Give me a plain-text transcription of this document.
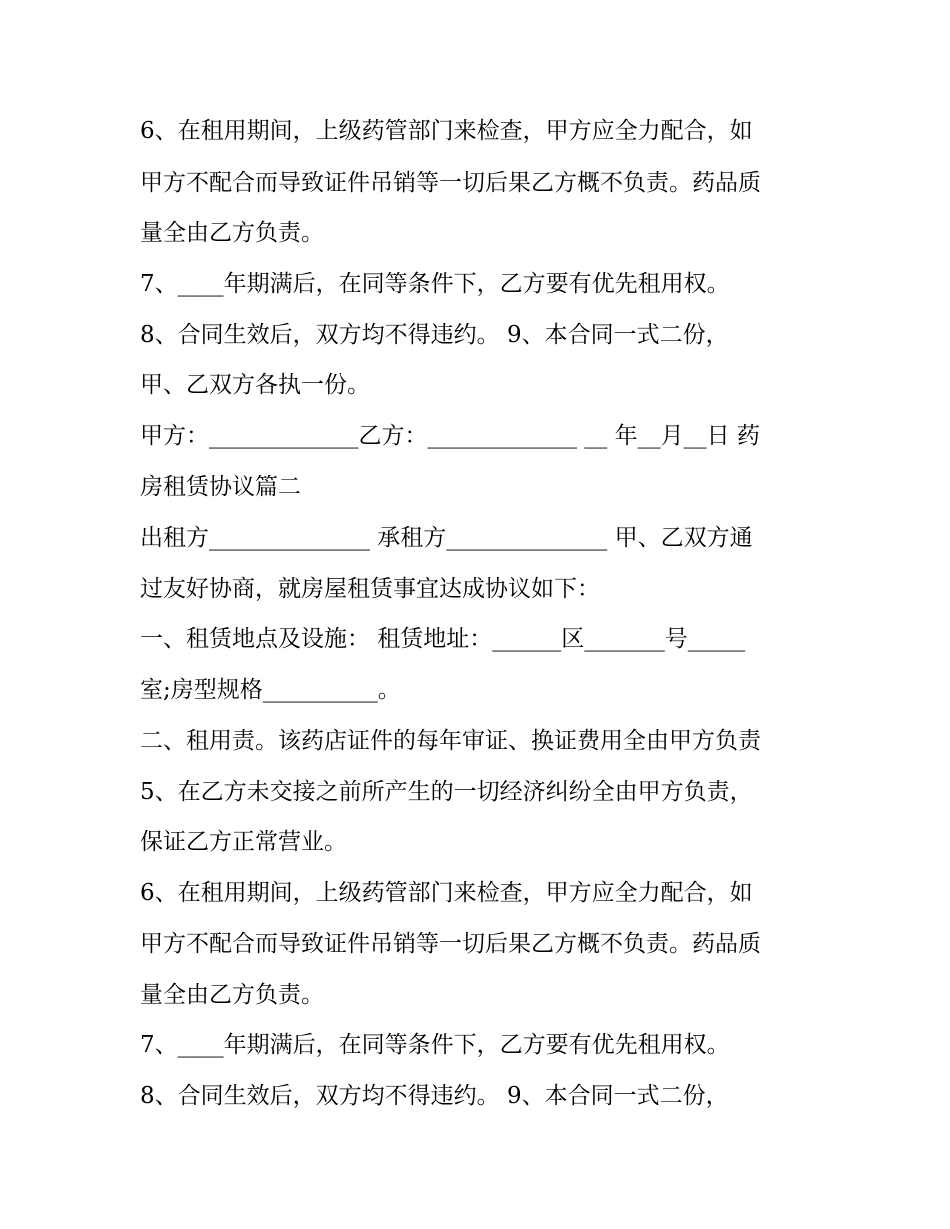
6、在租用期间，上级药管部门来检查，甲方应全力配合，如
甲方不配合而导致证件吊销等一切后果乙方概不负责。药品质
量全由乙方负责。
7、____年期满后，在同等条件下，乙方要有优先租用权。
8、合同生效后，双方均不得违约。 9、本合同一式二份，
甲、乙双方各执一份。
甲方：_____________乙方：_____________ __ 年__月__日 药
房租赁协议篇二
出租方______________ 承租方______________ 甲、乙双方通
过友好协商，就房屋租赁事宜达成协议如下：
一、租赁地点及设施： 租赁地址：______区_______号_____
室;房型规格__________。
二、租用责。该药店证件的每年审证、换证费用全由甲方负责
5、在乙方未交接之前所产生的一切经济纠纷全由甲方负责，
保证乙方正常营业。
6、在租用期间，上级药管部门来检查，甲方应全力配合，如
甲方不配合而导致证件吊销等一切后果乙方概不负责。药品质
量全由乙方负责。
7、____年期满后，在同等条件下，乙方要有优先租用权。
8、合同生效后，双方均不得违约。 9、本合同一式二份，
